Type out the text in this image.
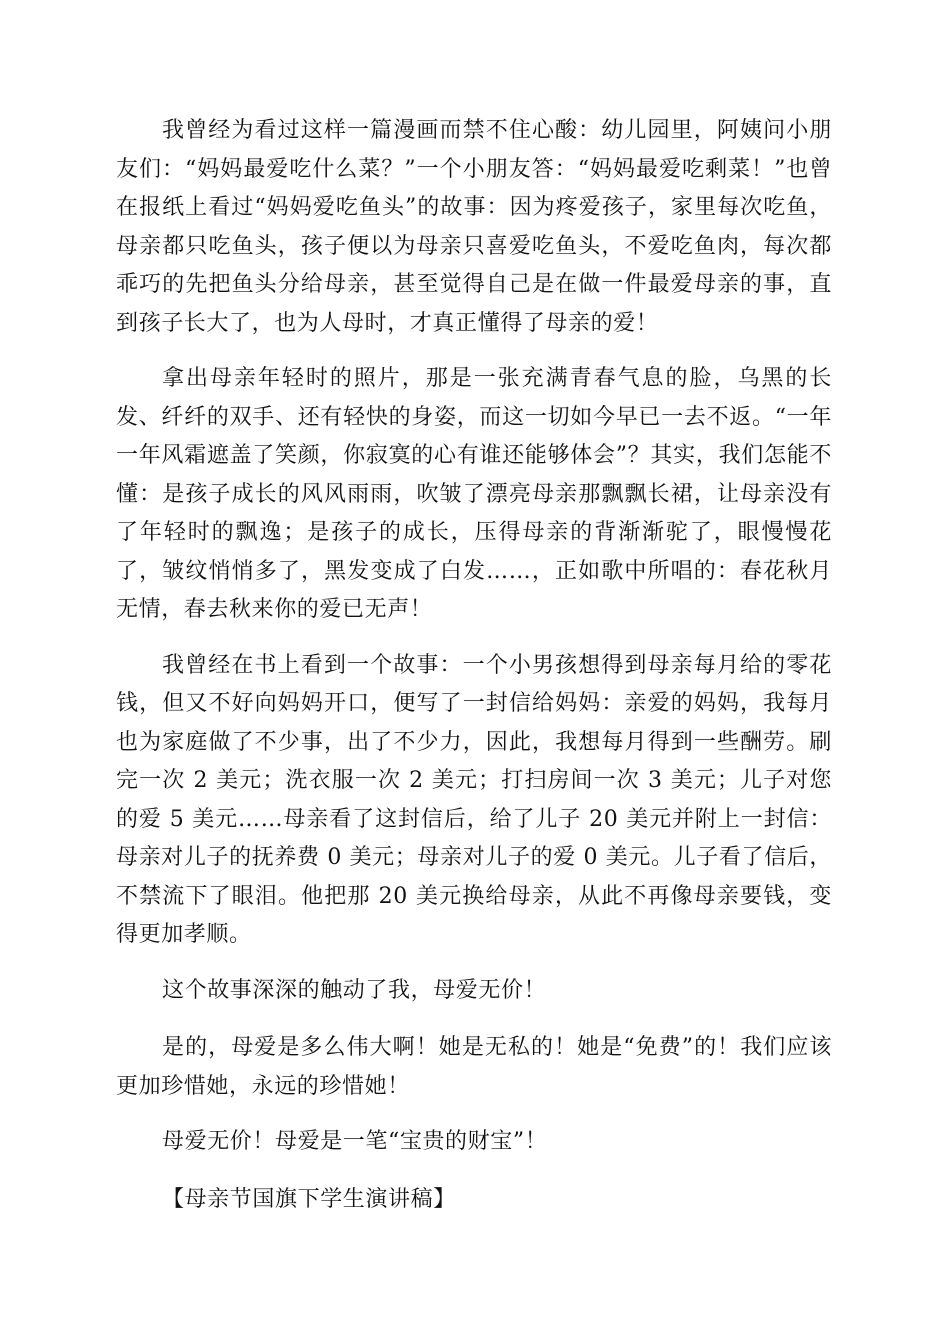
我曾经为看过这样一篇漫画而禁不住心酸：幼儿园里，阿姨问小朋友们：“妈妈最爱吃什么菜？”一个小朋友答：“妈妈最爱吃剩菜！”也曾在报纸上看过“妈妈爱吃鱼头”的故事：因为疼爱孩子，家里每次吃鱼，母亲都只吃鱼头，孩子便以为母亲只喜爱吃鱼头，不爱吃鱼肉，每次都乖巧的先把鱼头分给母亲，甚至觉得自己是在做一件最爱母亲的事，直到孩子长大了，也为人母时，才真正懂得了母亲的爱！

拿出母亲年轻时的照片，那是一张充满青春气息的脸，乌黑的长发、纤纤的双手、还有轻快的身姿，而这一切如今早已一去不返。“一年一年风霜遮盖了笑颜，你寂寞的心有谁还能够体会”？其实，我们怎能不懂：是孩子成长的风风雨雨，吹皱了漂亮母亲那飘飘长裙，让母亲没有了年轻时的飘逸；是孩子的成长，压得母亲的背渐渐驼了，眼慢慢花了，皱纹悄悄多了，黑发变成了白发……，正如歌中所唱的：春花秋月无情，春去秋来你的爱已无声！

我曾经在书上看到一个故事：一个小男孩想得到母亲每月给的零花钱，但又不好向妈妈开口，便写了一封信给妈妈：亲爱的妈妈，我每月也为家庭做了不少事，出了不少力，因此，我想每月得到一些酬劳。刷完一次 2 美元；洗衣服一次 2 美元；打扫房间一次 3 美元；儿子对您的爱 5 美元……母亲看了这封信后，给了儿子 20 美元并附上一封信：母亲对儿子的抚养费 0 美元；母亲对儿子的爱 0 美元。儿子看了信后，不禁流下了眼泪。他把那 20 美元换给母亲，从此不再像母亲要钱，变得更加孝顺。

这个故事深深的触动了我，母爱无价！

是的，母爱是多么伟大啊！她是无私的！她是“免费”的！我们应该更加珍惜她，永远的珍惜她！

母爱无价！母爱是一笔“宝贵的财宝”！

【母亲节国旗下学生演讲稿】
